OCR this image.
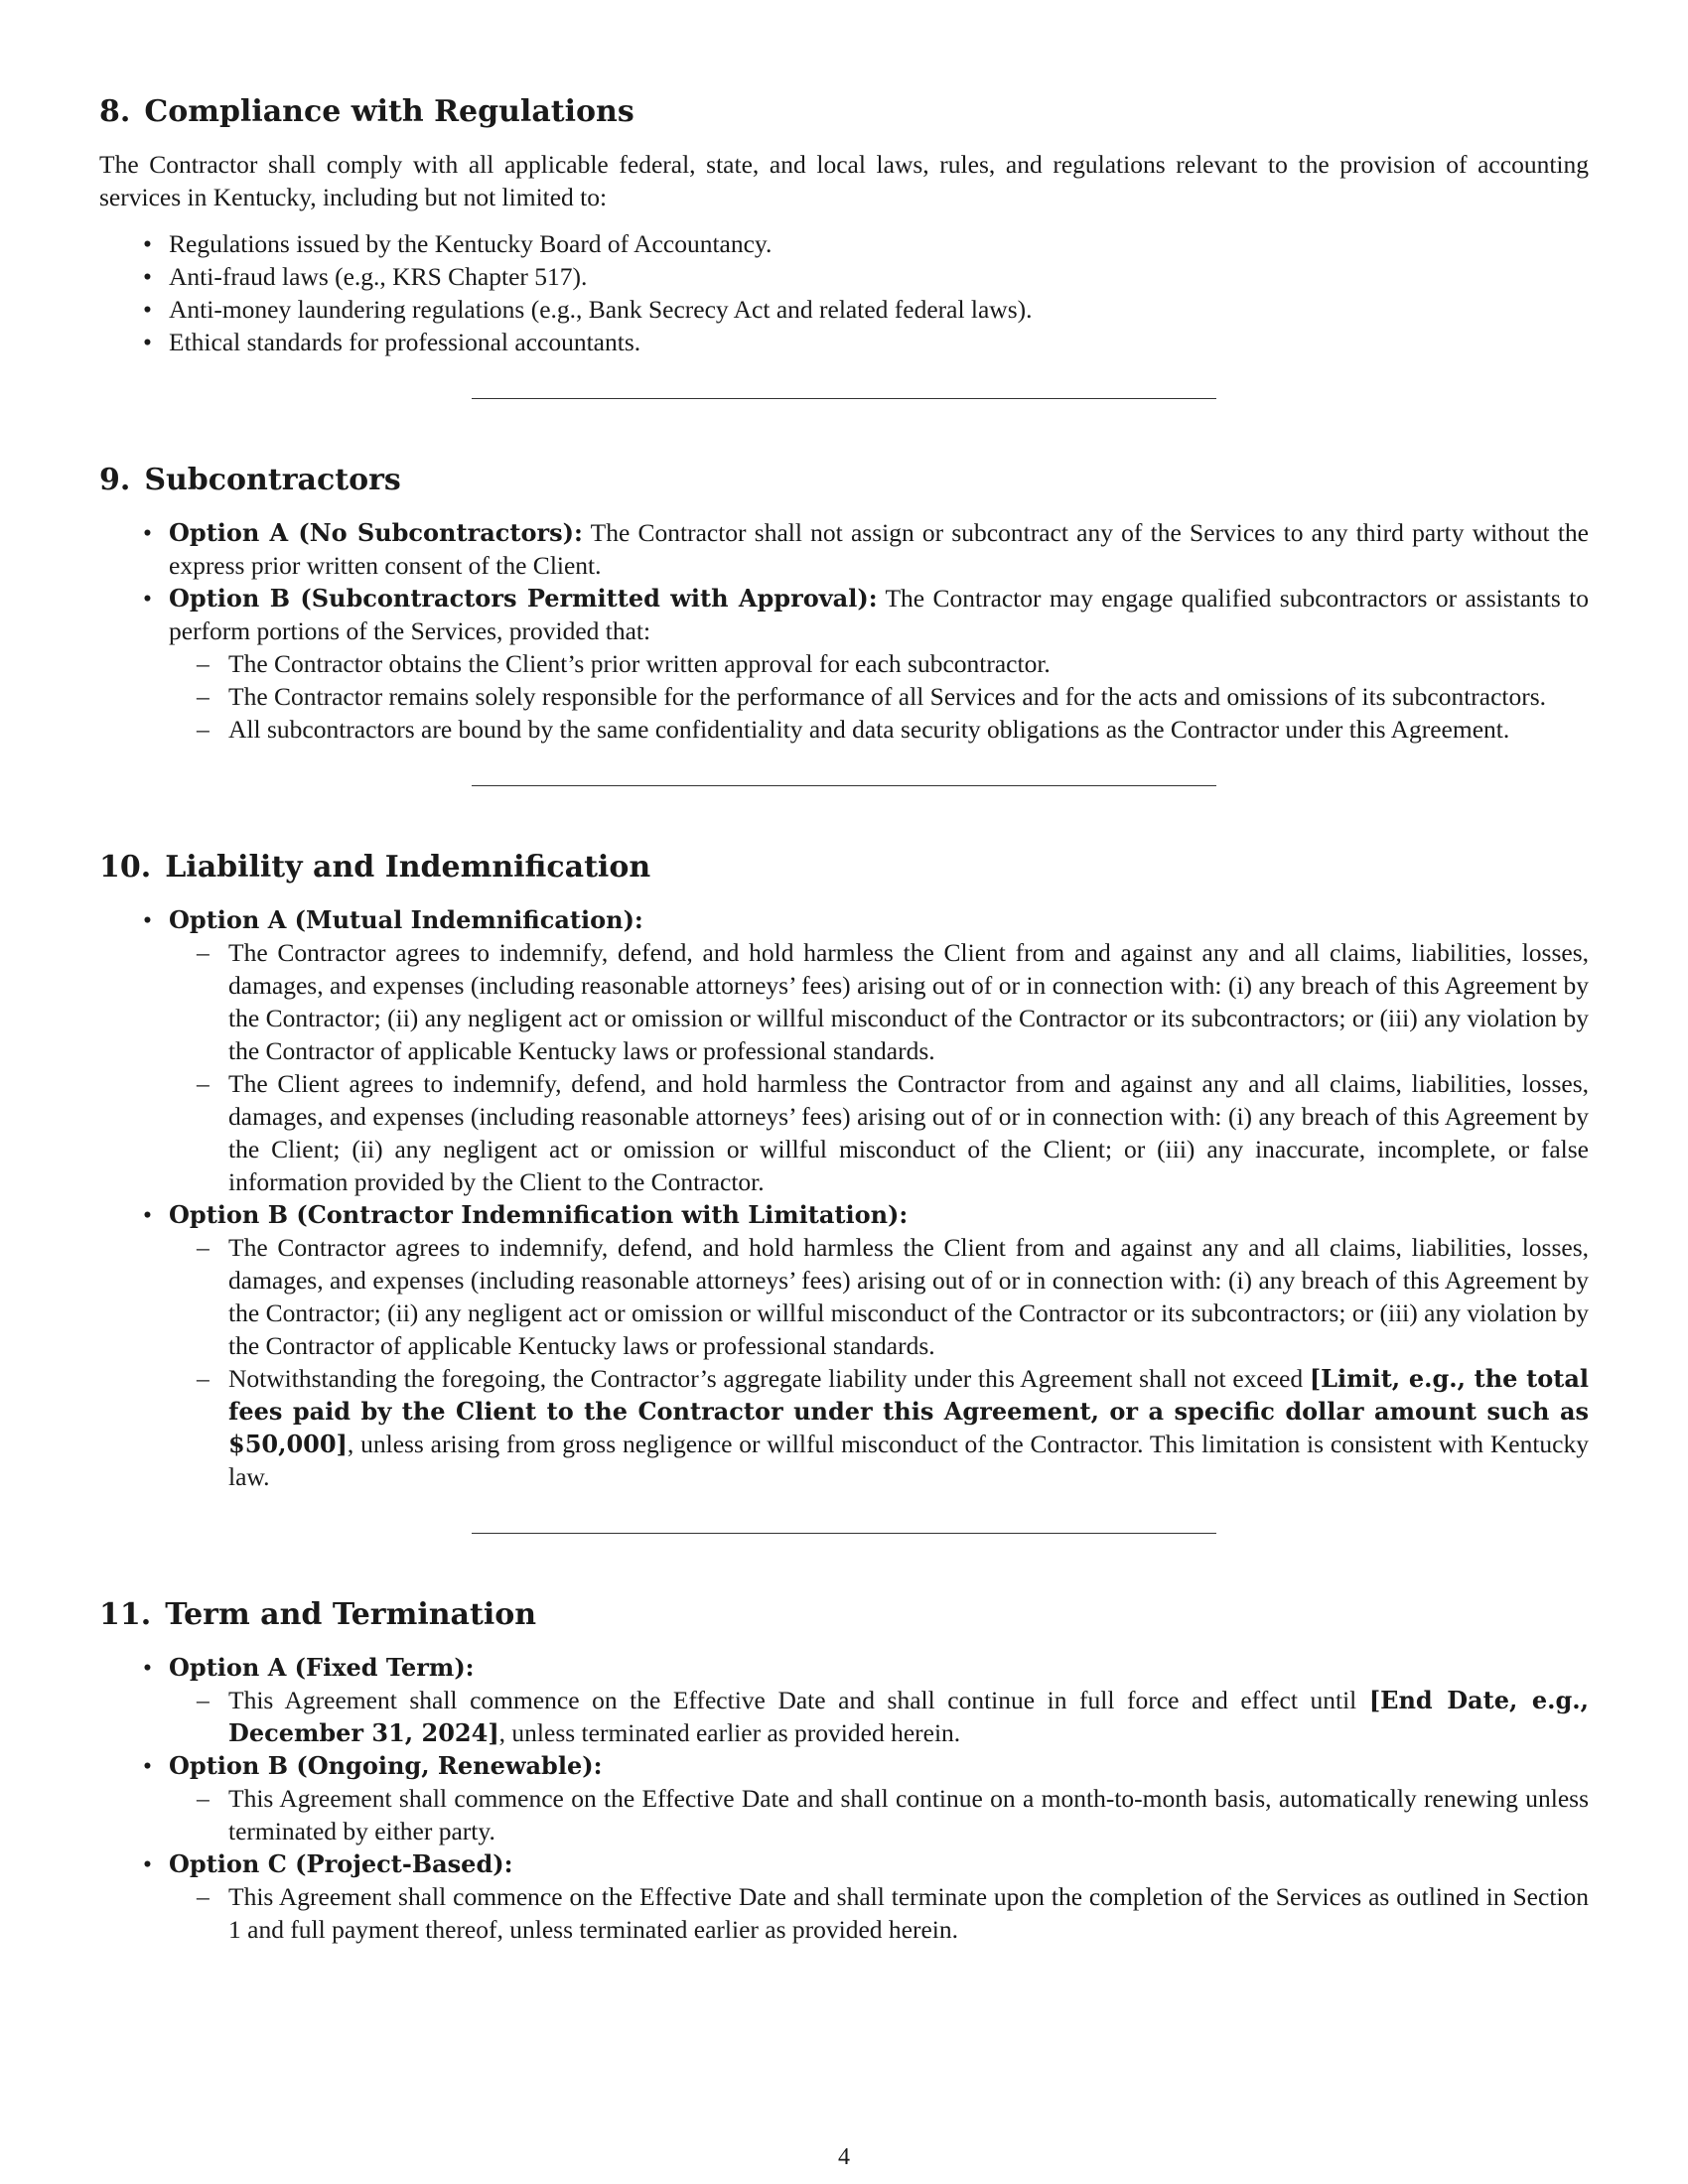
8. Compliance with Regulations

The Contractor shall comply with all applicable federal, state, and local laws, rules, and regulations relevant to the provision of accounting services in Kentucky, including but not limited to:

• Regulations issued by the Kentucky Board of Accountancy.
• Anti-fraud laws (e.g., KRS Chapter 517).
• Anti-money laundering regulations (e.g., Bank Secrecy Act and related federal laws).
• Ethical standards for professional accountants.
9. Subcontractors
• Option A (No Subcontractors): The Contractor shall not assign or subcontract any of the Services to any third party without the express prior written consent of the Client.
• Option B (Subcontractors Permitted with Approval): The Contractor may engage qualified subcontractors or assistants to perform portions of the Services, provided that:
– The Contractor obtains the Client’s prior written approval for each subcontractor.
– The Contractor remains solely responsible for the performance of all Services and for the acts and omissions of its subcontractors.
– All subcontractors are bound by the same confidentiality and data security obligations as the Contractor under this Agreement.
10. Liability and Indemnification
• Option A (Mutual Indemnification):
– The Contractor agrees to indemnify, defend, and hold harmless the Client from and against any and all claims, liabilities, losses, damages, and expenses (including reasonable attorneys’ fees) arising out of or in connection with: (i) any breach of this Agreement by the Contractor; (ii) any negligent act or omission or willful misconduct of the Contractor or its subcontractors; or (iii) any violation by the Contractor of applicable Kentucky laws or professional standards.
– The Client agrees to indemnify, defend, and hold harmless the Contractor from and against any and all claims, liabilities, losses, damages, and expenses (including reasonable attorneys’ fees) arising out of or in connection with: (i) any breach of this Agreement by the Client; (ii) any negligent act or omission or willful misconduct of the Client; or (iii) any inaccurate, incomplete, or false information provided by the Client to the Contractor.
• Option B (Contractor Indemnification with Limitation):
– The Contractor agrees to indemnify, defend, and hold harmless the Client from and against any and all claims, liabilities, losses, damages, and expenses (including reasonable attorneys’ fees) arising out of or in connection with: (i) any breach of this Agreement by the Contractor; (ii) any negligent act or omission or willful misconduct of the Contractor or its subcontractors; or (iii) any violation by the Contractor of applicable Kentucky laws or professional standards.
– Notwithstanding the foregoing, the Contractor’s aggregate liability under this Agreement shall not exceed [Limit, e.g., the total fees paid by the Client to the Contractor under this Agreement, or a specific dollar amount such as $50,000], unless arising from gross negligence or willful misconduct of the Contractor. This limitation is consistent with Kentucky law.
11. Term and Termination
• Option A (Fixed Term):
– This Agreement shall commence on the Effective Date and shall continue in full force and effect until [End Date, e.g., December 31, 2024], unless terminated earlier as provided herein.
• Option B (Ongoing, Renewable):
– This Agreement shall commence on the Effective Date and shall continue on a month-to-month basis, automatically renewing unless terminated by either party.
• Option C (Project-Based):
– This Agreement shall commence on the Effective Date and shall terminate upon the completion of the Services as outlined in Section 1 and full payment thereof, unless terminated earlier as provided herein.
4
